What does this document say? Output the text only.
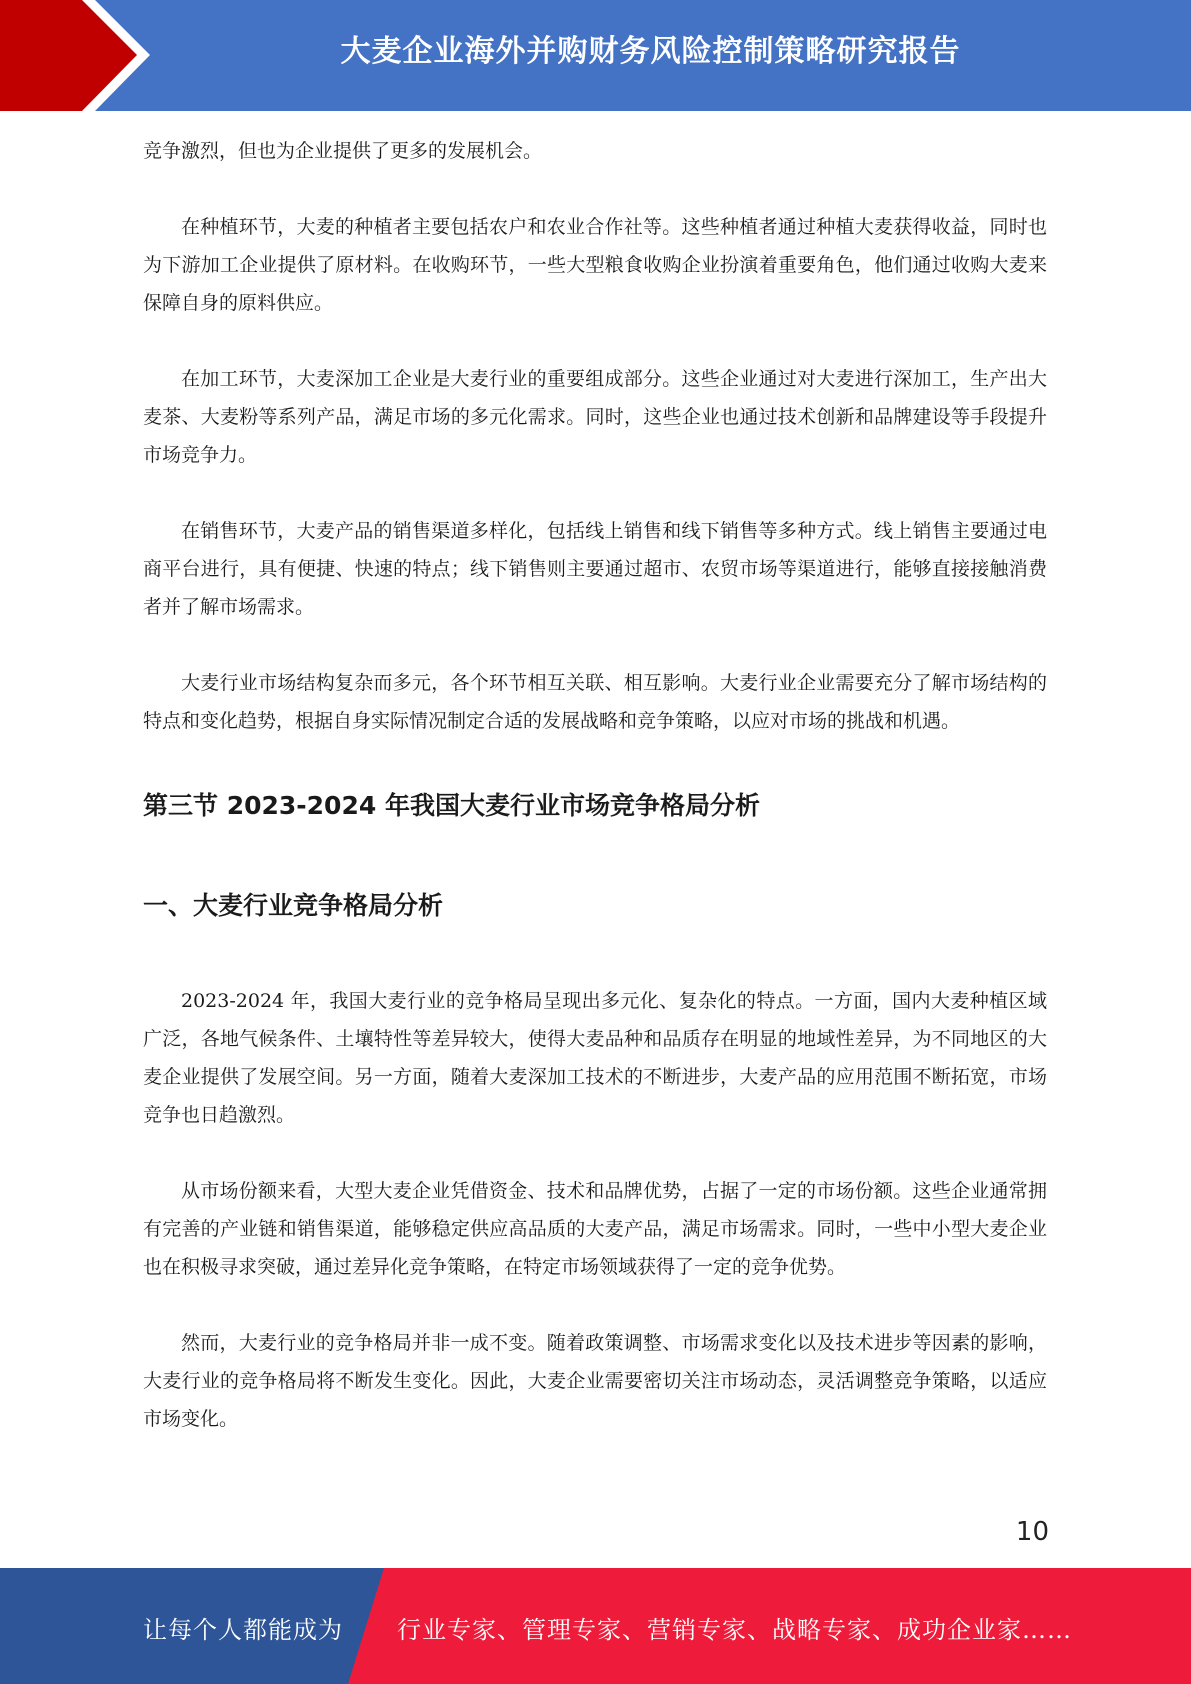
大麦企业海外并购财务风险控制策略研究报告

竞争激烈，但也为企业提供了更多的发展机会。

在种植环节，大麦的种植者主要包括农户和农业合作社等。这些种植者通过种植大麦获得收益，同时也为下游加工企业提供了原材料。在收购环节，一些大型粮食收购企业扮演着重要角色，他们通过收购大麦来保障自身的原料供应。

在加工环节，大麦深加工企业是大麦行业的重要组成部分。这些企业通过对大麦进行深加工，生产出大麦茶、大麦粉等系列产品，满足市场的多元化需求。同时，这些企业也通过技术创新和品牌建设等手段提升市场竞争力。

在销售环节，大麦产品的销售渠道多样化，包括线上销售和线下销售等多种方式。线上销售主要通过电商平台进行，具有便捷、快速的特点；线下销售则主要通过超市、农贸市场等渠道进行，能够直接接触消费者并了解市场需求。

大麦行业市场结构复杂而多元，各个环节相互关联、相互影响。大麦行业企业需要充分了解市场结构的特点和变化趋势，根据自身实际情况制定合适的发展战略和竞争策略，以应对市场的挑战和机遇。

第三节 2023-2024 年我国大麦行业市场竞争格局分析
一、大麦行业竞争格局分析

2023-2024 年，我国大麦行业的竞争格局呈现出多元化、复杂化的特点。一方面，国内大麦种植区域广泛，各地气候条件、土壤特性等差异较大，使得大麦品种和品质存在明显的地域性差异，为不同地区的大麦企业提供了发展空间。另一方面，随着大麦深加工技术的不断进步，大麦产品的应用范围不断拓宽，市场竞争也日趋激烈。

从市场份额来看，大型大麦企业凭借资金、技术和品牌优势，占据了一定的市场份额。这些企业通常拥有完善的产业链和销售渠道，能够稳定供应高品质的大麦产品，满足市场需求。同时，一些中小型大麦企业也在积极寻求突破，通过差异化竞争策略，在特定市场领域获得了一定的竞争优势。

然而，大麦行业的竞争格局并非一成不变。随着政策调整、市场需求变化以及技术进步等因素的影响，大麦行业的竞争格局将不断发生变化。因此，大麦企业需要密切关注市场动态，灵活调整竞争策略，以适应市场变化。

10
让每个人都能成为 行业专家、管理专家、营销专家、战略专家、成功企业家……
